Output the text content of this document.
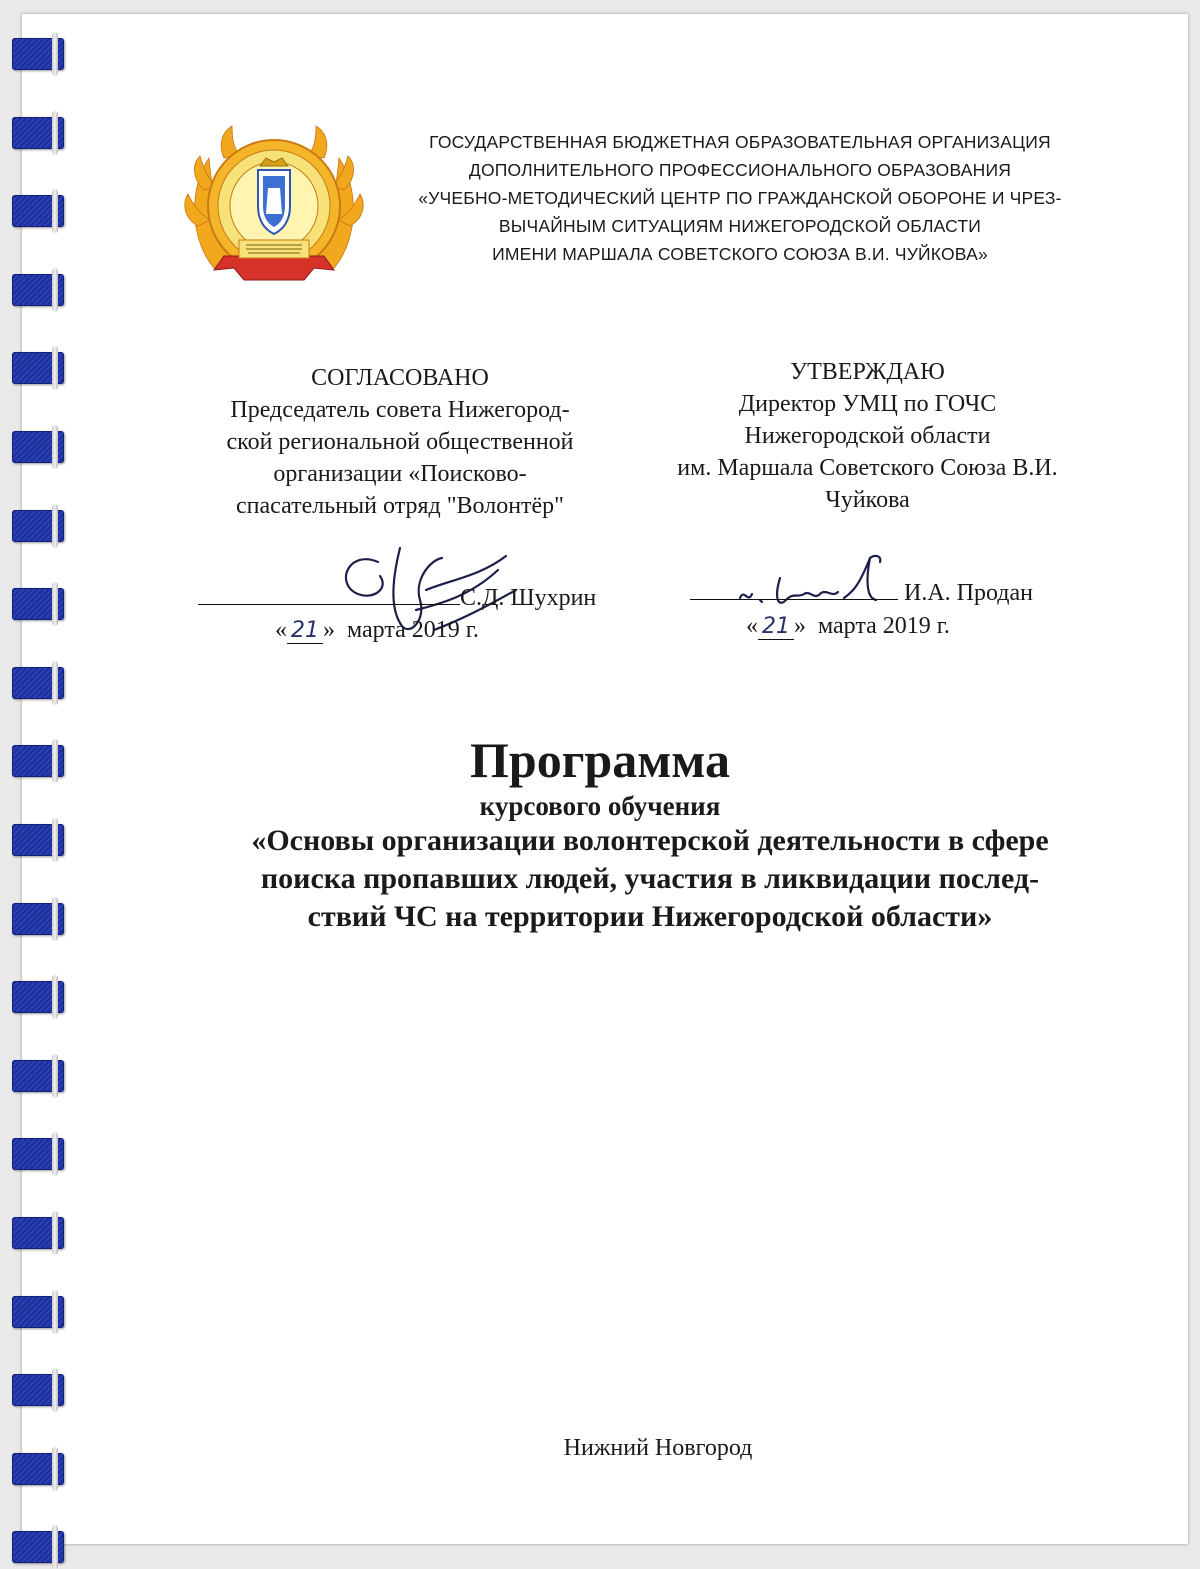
ГОСУДАРСТВЕННАЯ БЮДЖЕТНАЯ ОБРАЗОВАТЕЛЬНАЯ ОРГАНИЗАЦИЯ
ДОПОЛНИТЕЛЬНОГО ПРОФЕССИОНАЛЬНОГО ОБРАЗОВАНИЯ
«УЧЕБНО-МЕТОДИЧЕСКИЙ ЦЕНТР ПО ГРАЖДАНСКОЙ ОБОРОНЕ И ЧРЕЗ-
ВЫЧАЙНЫМ СИТУАЦИЯМ НИЖЕГОРОДСКОЙ ОБЛАСТИ
ИМЕНИ МАРШАЛА СОВЕТСКОГО СОЮЗА В.И. ЧУЙКОВА»
СОГЛАСОВАНО
Председатель совета Нижегород-
ской региональной общественной
организации «Поисково-
спасательный отряд "Волонтёр"
УТВЕРЖДАЮ
Директор УМЦ по ГОЧС
Нижегородской области
им. Маршала Советского Союза В.И.
Чуйкова
С.Д. Шухрин
« 21 »  марта 2019 г.
И.А. Продан
« 21 »  марта 2019 г.
Программа
курсового обучения
«Основы организации волонтерской деятельности в сфере
поиска пропавших людей, участия в ликвидации послед-
ствий ЧС на территории Нижегородской области»
Нижний Новгород
